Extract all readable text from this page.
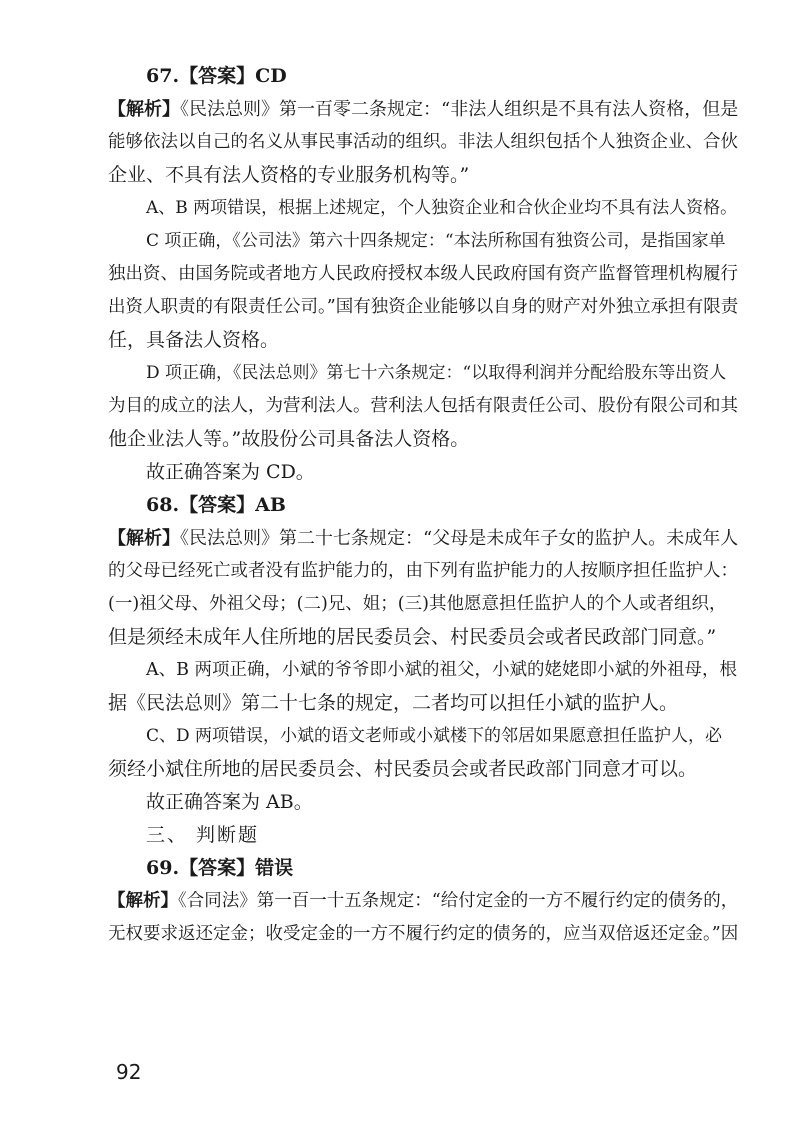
67.【答案】CD
【解析】《民法总则》第一百零二条规定：“非法人组织是不具有法人资格，但是
能够依法以自己的名义从事民事活动的组织。非法人组织包括个人独资企业、合伙
企业、不具有法人资格的专业服务机构等。”
A、B 两项错误，根据上述规定，个人独资企业和合伙企业均不具有法人资格。
C 项正确，《公司法》第六十四条规定：“本法所称国有独资公司，是指国家单
独出资、由国务院或者地方人民政府授权本级人民政府国有资产监督管理机构履行
出资人职责的有限责任公司。”国有独资企业能够以自身的财产对外独立承担有限责
任，具备法人资格。
D 项正确，《民法总则》第七十六条规定：“以取得利润并分配给股东等出资人
为目的成立的法人，为营利法人。营利法人包括有限责任公司、股份有限公司和其
他企业法人等。”故股份公司具备法人资格。
故正确答案为 CD。
68.【答案】AB
【解析】《民法总则》第二十七条规定：“父母是未成年子女的监护人。未成年人
的父母已经死亡或者没有监护能力的，由下列有监护能力的人按顺序担任监护人：
(一)祖父母、外祖父母；(二)兄、姐；(三)其他愿意担任监护人的个人或者组织，
但是须经未成年人住所地的居民委员会、村民委员会或者民政部门同意。”
A、B 两项正确，小斌的爷爷即小斌的祖父，小斌的姥姥即小斌的外祖母，根
据《民法总则》第二十七条的规定，二者均可以担任小斌的监护人。
C、D 两项错误，小斌的语文老师或小斌楼下的邻居如果愿意担任监护人，必
须经小斌住所地的居民委员会、村民委员会或者民政部门同意才可以。
故正确答案为 AB。
三、 判断题
69.【答案】错误
【解析】《合同法》第一百一十五条规定：“给付定金的一方不履行约定的债务的，
无权要求返还定金；收受定金的一方不履行约定的债务的，应当双倍返还定金。”因
92
